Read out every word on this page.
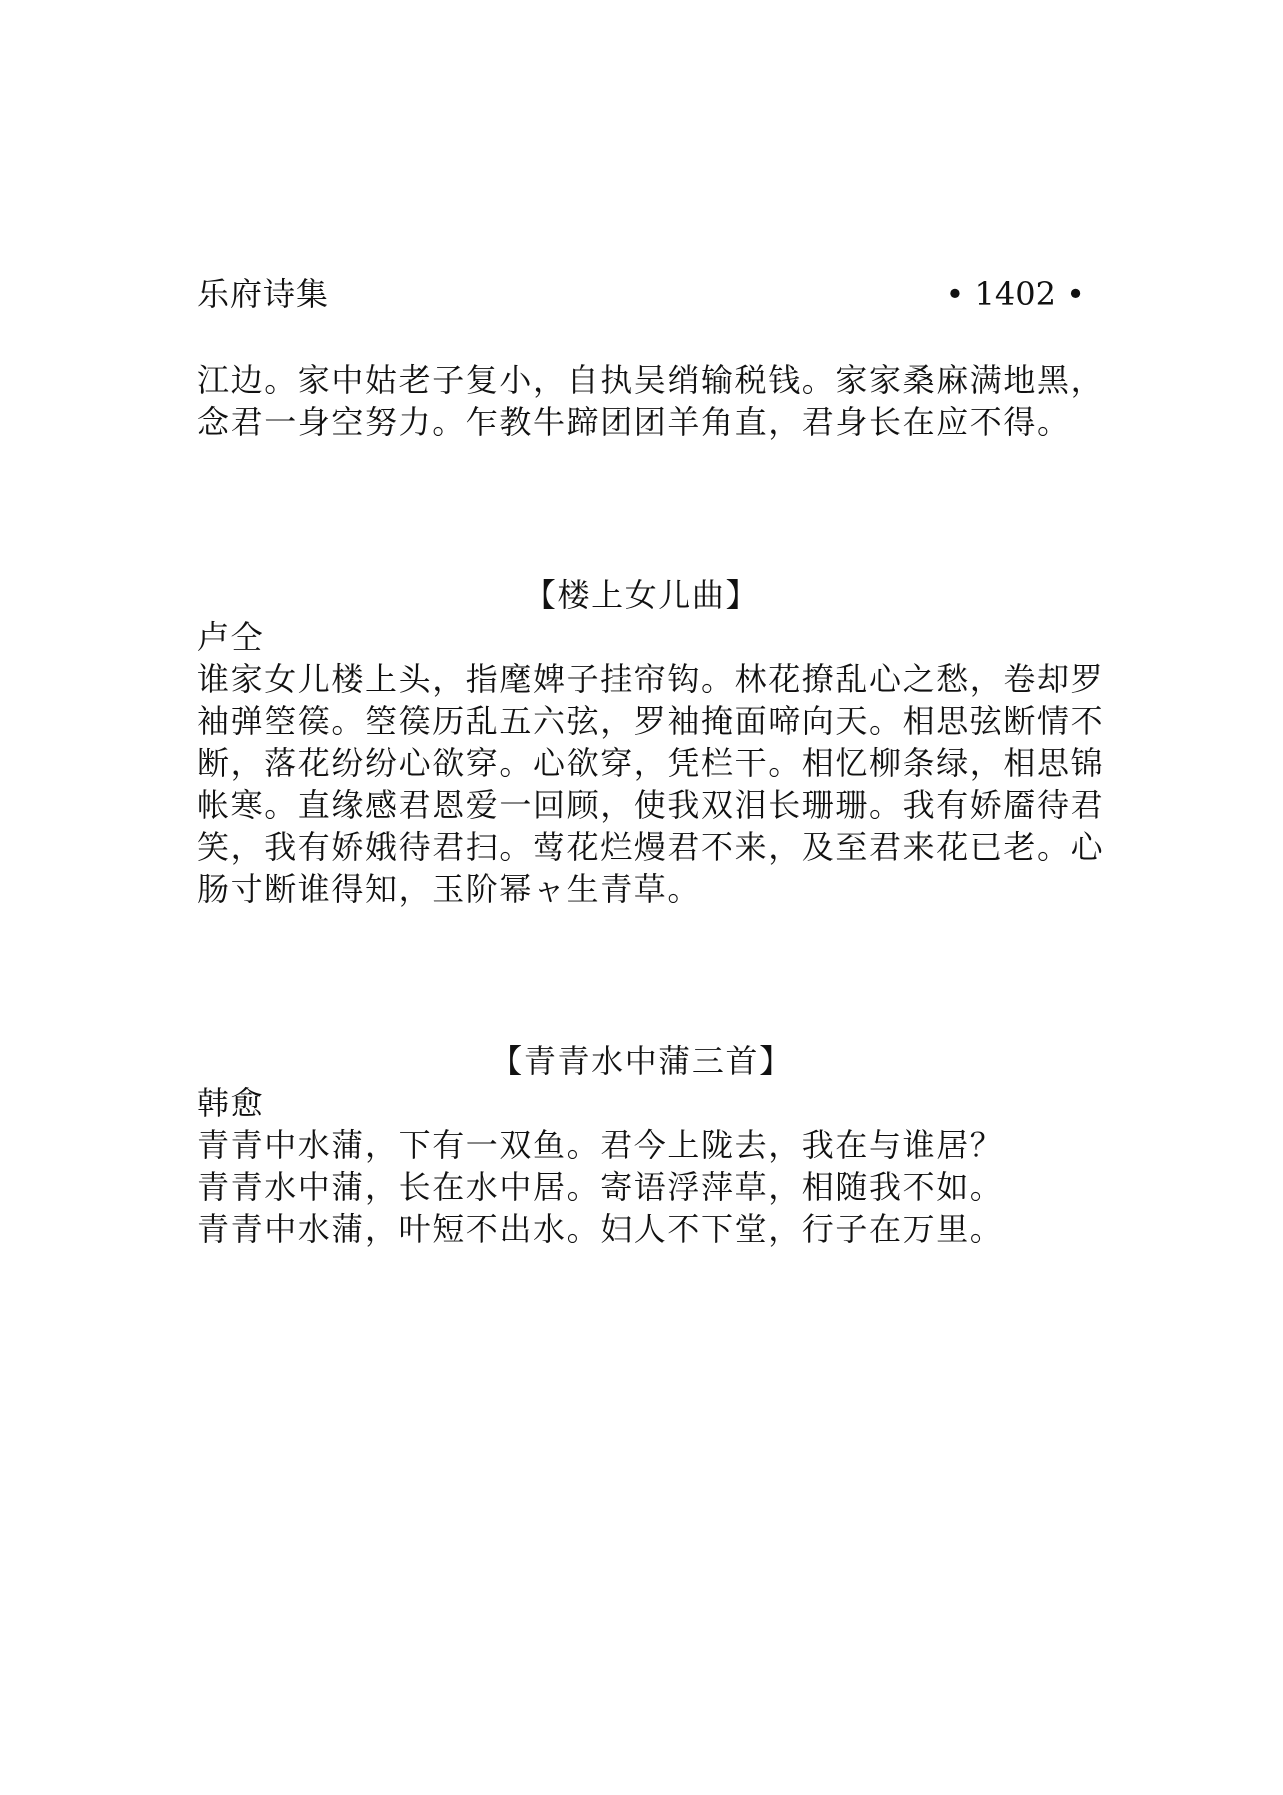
乐府诗集	• 1402 •
江边。家中姑老子复小，自执吴绡输税钱。家家桑麻满地黑，
念君一身空努力。乍教牛蹄团团羊角直，君身长在应不得。
【楼上女儿曲】
卢仝
谁家女儿楼上头，指麾婢子挂帘钩。林花撩乱心之愁，卷却罗
袖弹箜篌。箜篌历乱五六弦，罗袖掩面啼向天。相思弦断情不
断，落花纷纷心欲穿。心欲穿，凭栏干。相忆柳条绿，相思锦
帐寒。直缘感君恩爱一回顾，使我双泪长珊珊。我有娇靥待君
笑，我有娇娥待君扫。莺花烂熳君不来，及至君来花已老。心
肠寸断谁得知，玉阶幂ャ生青草。
【青青水中蒲三首】
韩愈
青青中水蒲，下有一双鱼。君今上陇去，我在与谁居？
青青水中蒲，长在水中居。寄语浮萍草，相随我不如。
青青中水蒲，叶短不出水。妇人不下堂，行子在万里。
